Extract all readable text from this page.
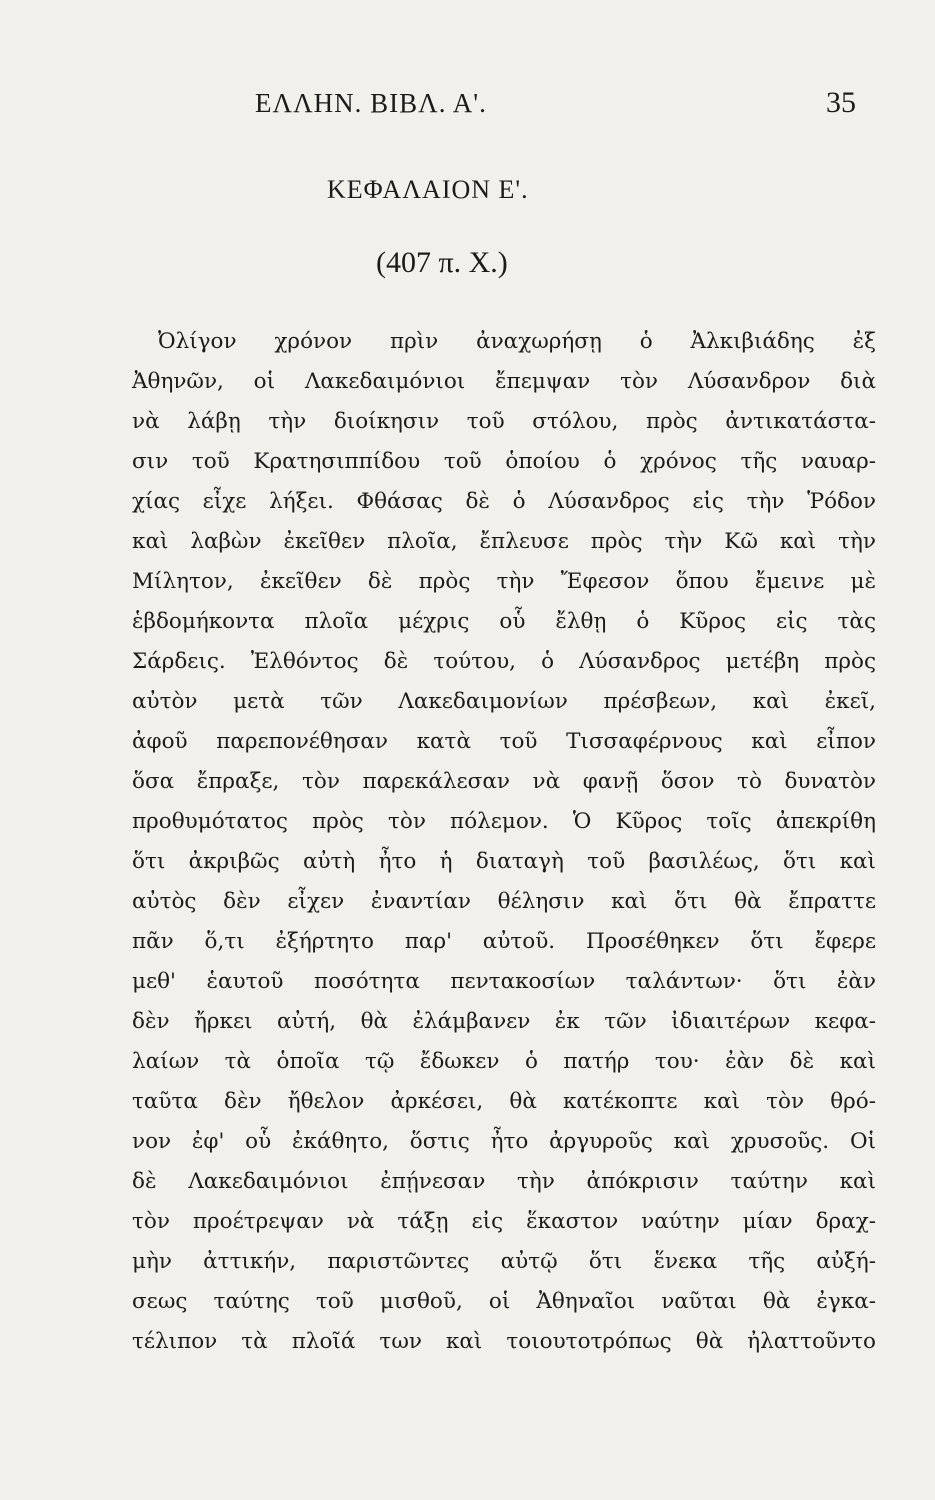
ΕΛΛΗΝ. ΒΙΒΛ. Α'.	35
ΚΕΦΑΛΑΙΟΝ Ε'.
(407 π. Χ.)
Ὀλίγον χρόνον πρὶν ἀναχωρήσῃ ὁ Ἀλκιβιάδης ἐξ
Ἀθηνῶν, οἱ Λακεδαιμόνιοι ἔπεμψαν τὸν Λύσανδρον διὰ
νὰ λάβῃ τὴν διοίκησιν τοῦ στόλου, πρὸς ἀντικατάστα-
σιν τοῦ Κρατησιππίδου τοῦ ὁποίου ὁ χρόνος τῆς ναυαρ-
χίας εἶχε λήξει. Φθάσας δὲ ὁ Λύσανδρος εἰς τὴν Ῥόδον
καὶ λαβὼν ἐκεῖθεν πλοῖα, ἔπλευσε πρὸς τὴν Κῶ καὶ τὴν
Μίλητον, ἐκεῖθεν δὲ πρὸς τὴν Ἔφεσον ὅπου ἔμεινε μὲ
ἑβδομήκοντα πλοῖα μέχρις οὗ ἔλθῃ ὁ Κῦρος εἰς τὰς
Σάρδεις. Ἐλθόντος δὲ τούτου, ὁ Λύσανδρος μετέβη πρὸς
αὐτὸν μετὰ τῶν Λακεδαιμονίων πρέσβεων, καὶ ἐκεῖ,
ἀφοῦ παρεπονέθησαν κατὰ τοῦ Τισσαφέρνους καὶ εἶπον
ὅσα ἔπραξε, τὸν παρεκάλεσαν νὰ φανῇ ὅσον τὸ δυνατὸν
προθυμότατος πρὸς τὸν πόλεμον. Ὁ Κῦρος τοῖς ἀπεκρίθη
ὅτι ἀκριβῶς αὐτὴ ἦτο ἡ διαταγὴ τοῦ βασιλέως, ὅτι καὶ
αὐτὸς δὲν εἶχεν ἐναντίαν θέλησιν καὶ ὅτι θὰ ἔπραττε
πᾶν ὅ,τι ἐξήρτητο παρ' αὐτοῦ. Προσέθηκεν ὅτι ἔφερε
μεθ' ἑαυτοῦ ποσότητα πεντακοσίων ταλάντων· ὅτι ἐὰν
δὲν ἤρκει αὐτή, θὰ ἐλάμβανεν ἐκ τῶν ἰδιαιτέρων κεφα-
λαίων τὰ ὁποῖα τῷ ἔδωκεν ὁ πατήρ του· ἐὰν δὲ καὶ
ταῦτα δὲν ἤθελον ἀρκέσει, θὰ κατέκοπτε καὶ τὸν θρό-
νον ἐφ' οὗ ἐκάθητο, ὅστις ἦτο ἀργυροῦς καὶ χρυσοῦς. Οἱ
δὲ Λακεδαιμόνιοι ἐπῄνεσαν τὴν ἀπόκρισιν ταύτην καὶ
τὸν προέτρεψαν νὰ τάξῃ εἰς ἕκαστον ναύτην μίαν δραχ-
μὴν ἀττικήν, παριστῶντες αὐτῷ ὅτι ἕνεκα τῆς αὐξή-
σεως ταύτης τοῦ μισθοῦ, οἱ Ἀθηναῖοι ναῦται θὰ ἐγκα-
τέλιπον τὰ πλοῖά των καὶ τοιουτοτρόπως θὰ ἠλαττοῦντο
